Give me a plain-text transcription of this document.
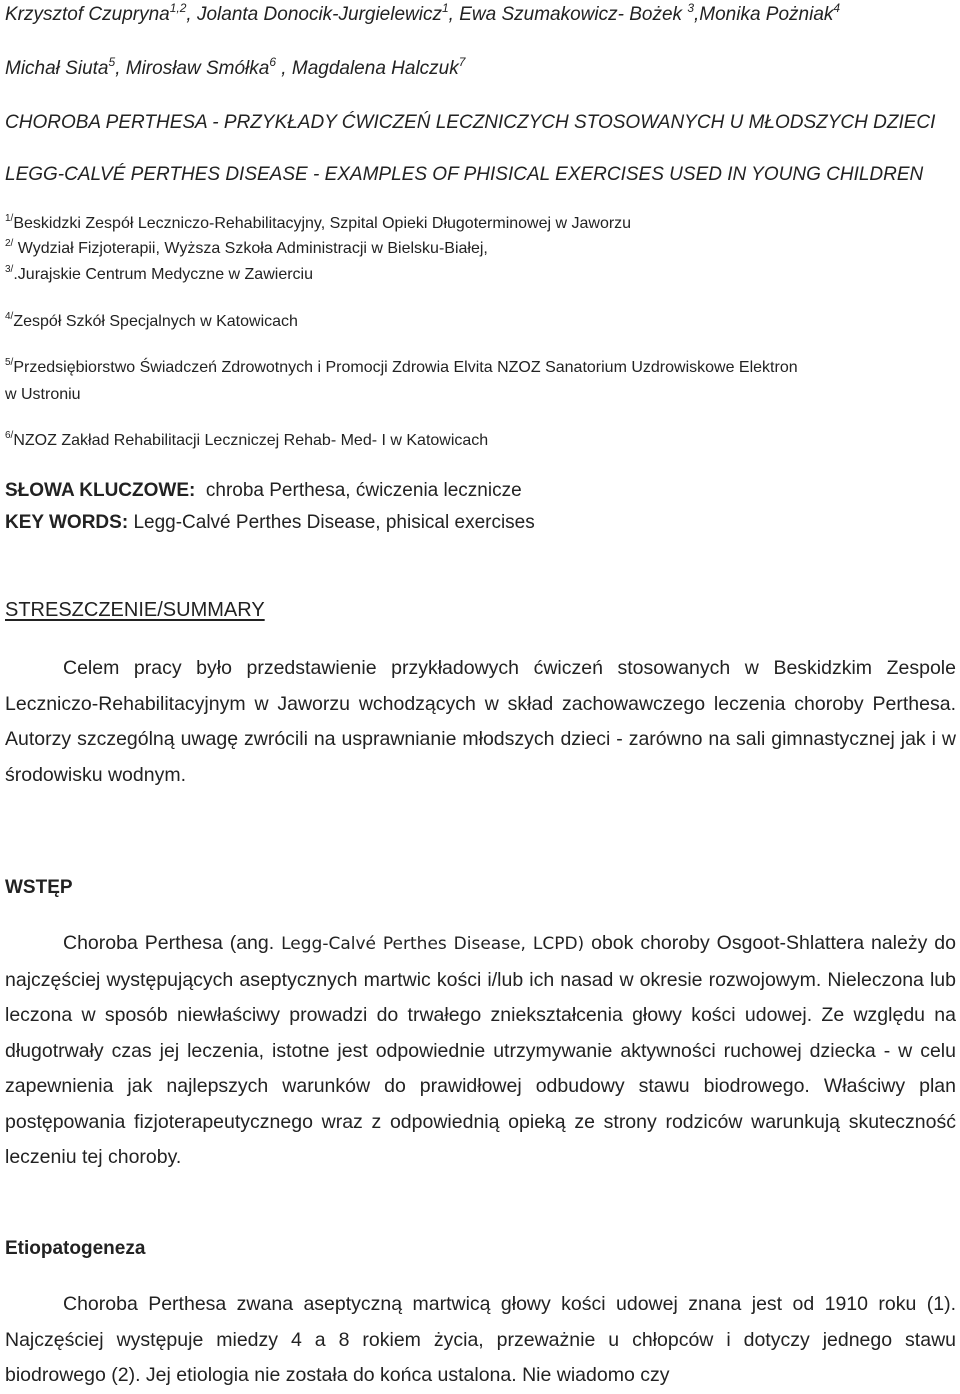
Krzysztof Czupryna$^{1,2}$, Jolanta Donocik-Jurgielewicz$^1$, Ewa Szumakowicz- Bożek $^3$,Monika Pożniak$^4$
Michał Siuta$^5$, Mirosław Smółka$^6$ , Magdalena Halczuk$^7$
CHOROBA PERTHESA - PRZYKŁADY ĆWICZEŃ LECZNICZYCH STOSOWANYCH U MŁODSZYCH DZIECI
LEGG-CALVÉ PERTHES DISEASE - EXAMPLES OF PHISICAL EXERCISES USED IN YOUNG CHILDREN
$^{1/}$Beskidzki Zespół Leczniczo-Rehabilitacyjny, Szpital Opieki Długoterminowej w Jaworzu
$^{2/}$ Wydział Fizjoterapii, Wyższa Szkoła Administracji w Bielsku-Białej,
$^{3/}$.Jurajskie Centrum Medyczne w Zawierciu
$^{4/}$Zespół Szkół Specjalnych w Katowicach
$^{5/}$Przedsiębiorstwo Świadczeń Zdrowotnych i Promocji Zdrowia Elvita NZOZ Sanatorium Uzdrowiskowe Elektron
w Ustroniu
$^{6/}$NZOZ Zakład Rehabilitacji Leczniczej Rehab- Med- I w Katowicach
SŁOWA KLUCZOWE:  chroba Perthesa, ćwiczenia lecznicze
KEY WORDS: Legg-Calvé Perthes Disease, phisical exercises
STRESZCZENIE/SUMMARY
Celem pracy było przedstawienie przykładowych ćwiczeń stosowanych w Beskidzkim Zespole Leczniczo-Rehabilitacyjnym w Jaworzu wchodzących w skład zachowawczego leczenia choroby Perthesa. Autorzy szczególną uwagę zwrócili na usprawnianie młodszych dzieci - zarówno na sali gimnastycznej jak i w środowisku wodnym.
WSTĘP
Choroba Perthesa (ang. Legg-Calvé Perthes Disease, LCPD) obok choroby Osgoot-Shlattera należy do najczęściej występujących aseptycznych martwic kości i/lub ich nasad w okresie rozwojowym. Nieleczona lub leczona w sposób niewłaściwy prowadzi do trwałego zniekształcenia głowy kości udowej. Ze względu na długotrwały czas jej leczenia, istotne jest odpowiednie utrzymywanie aktywności ruchowej dziecka - w celu zapewnienia jak najlepszych warunków do prawidłowej odbudowy stawu biodrowego. Właściwy plan postępowania fizjoterapeutycznego wraz z odpowiednią opieką ze strony rodziców warunkują skuteczność leczeniu tej choroby.
Etiopatogeneza
Choroba Perthesa zwana aseptyczną martwicą głowy kości udowej znana jest od 1910 roku (1). Najczęściej występuje miedzy 4 a 8 rokiem życia, przeważnie u chłopców i dotyczy jednego stawu biodrowego (2). Jej etiologia nie została do końca ustalona. Nie wiadomo czy
